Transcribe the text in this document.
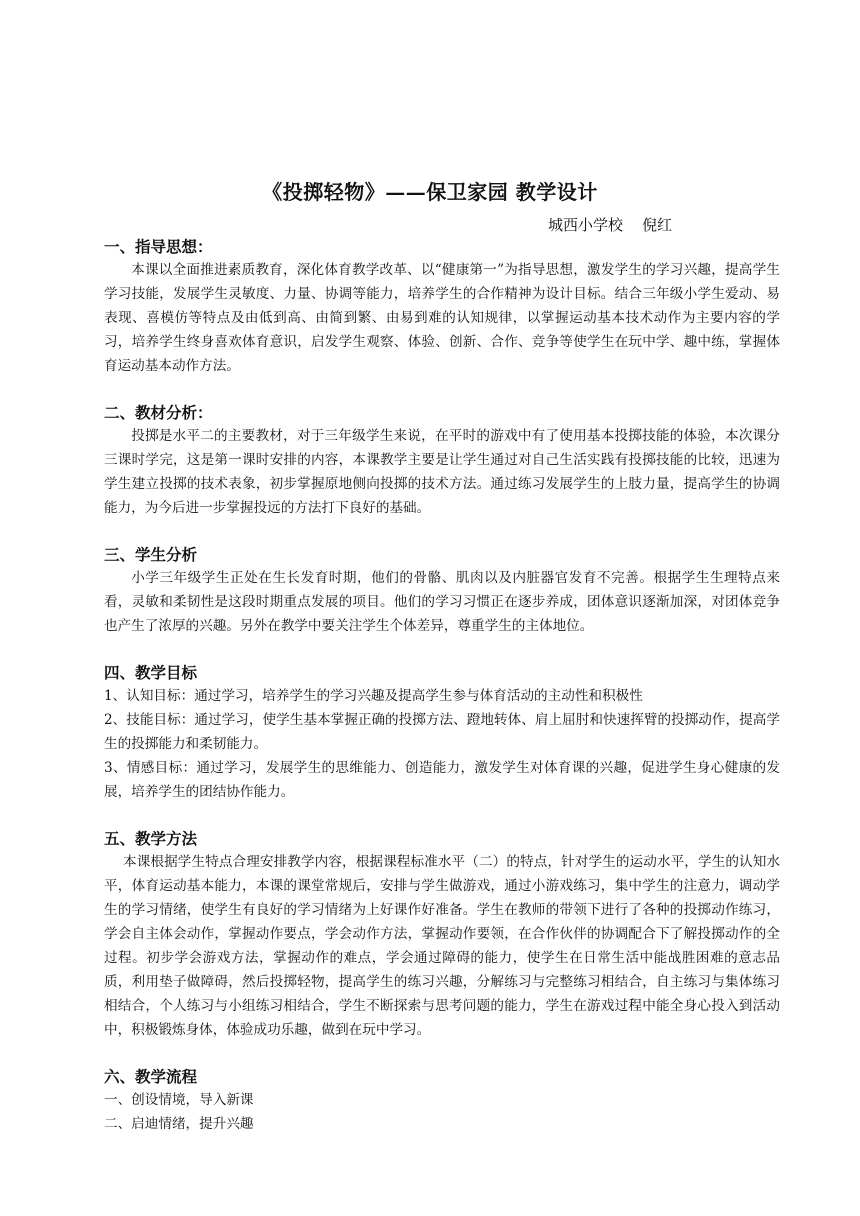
《投掷轻物》——保卫家园 教学设计
城西小学校    倪红

一、指导思想：

本课以全面推进素质教育，深化体育教学改革、以“健康第一”为指导思想，激发学生的学习兴趣，提高学生学习技能，发展学生灵敏度、力量、协调等能力，培养学生的合作精神为设计目标。结合三年级小学生爱动、易表现、喜模仿等特点及由低到高、由简到繁、由易到难的认知规律，以掌握运动基本技术动作为主要内容的学习，培养学生终身喜欢体育意识，启发学生观察、体验、创新、合作、竞争等使学生在玩中学、趣中练，掌握体育运动基本动作方法。

二、教材分析：

投掷是水平二的主要教材，对于三年级学生来说，在平时的游戏中有了使用基本投掷技能的体验，本次课分三课时学完，这是第一课时安排的内容，本课教学主要是让学生通过对自己生活实践有投掷技能的比较，迅速为学生建立投掷的技术表象，初步掌握原地侧向投掷的技术方法。通过练习发展学生的上肢力量，提高学生的协调能力，为今后进一步掌握投远的方法打下良好的基础。

三、学生分析

小学三年级学生正处在生长发育时期，他们的骨骼、肌肉以及内脏器官发育不完善。根据学生生理特点来看，灵敏和柔韧性是这段时期重点发展的项目。他们的学习习惯正在逐步养成，团体意识逐渐加深，对团体竞争也产生了浓厚的兴趣。另外在教学中要关注学生个体差异，尊重学生的主体地位。

四、教学目标

1、认知目标：通过学习，培养学生的学习兴趣及提高学生参与体育活动的主动性和积极性

2、技能目标：通过学习，使学生基本掌握正确的投掷方法、蹬地转体、肩上屈肘和快速挥臂的投掷动作，提高学生的投掷能力和柔韧能力。

3、情感目标：通过学习，发展学生的思维能力、创造能力，激发学生对体育课的兴趣，促进学生身心健康的发展，培养学生的团结协作能力。

五、教学方法

本课根据学生特点合理安排教学内容，根据课程标准水平（二）的特点，针对学生的运动水平，学生的认知水平，体育运动基本能力，本课的课堂常规后，安排与学生做游戏，通过小游戏练习，集中学生的注意力，调动学生的学习情绪，使学生有良好的学习情绪为上好课作好准备。学生在教师的带领下进行了各种的投掷动作练习，学会自主体会动作，掌握动作要点，学会动作方法，掌握动作要领，在合作伙伴的协调配合下了解投掷动作的全过程。初步学会游戏方法，掌握动作的难点，学会通过障碍的能力，使学生在日常生活中能战胜困难的意志品质，利用垫子做障碍，然后投掷轻物，提高学生的练习兴趣，分解练习与完整练习相结合，自主练习与集体练习相结合，个人练习与小组练习相结合，学生不断探索与思考问题的能力，学生在游戏过程中能全身心投入到活动中，积极锻炼身体，体验成功乐趣，做到在玩中学习。

六、教学流程

一、创设情境，导入新课

二、启迪情绪，提升兴趣
